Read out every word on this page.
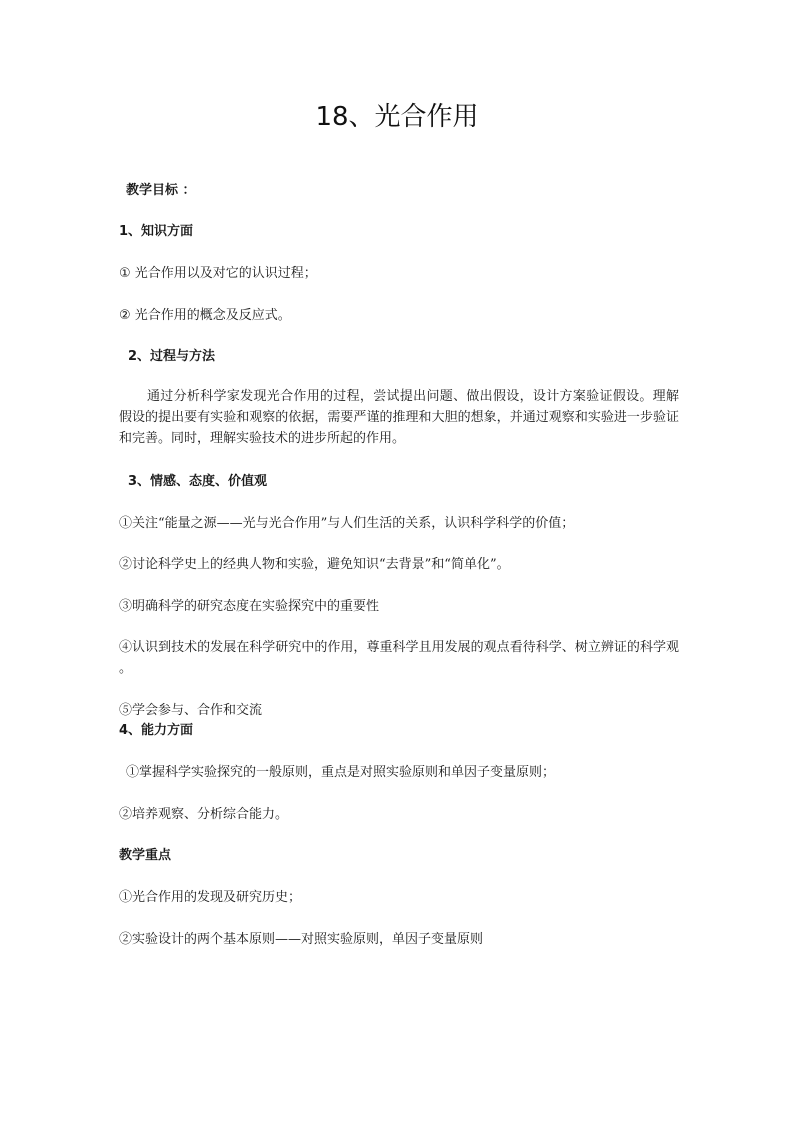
18、光合作用
教学目标 ：
1、知识方面
① 光合作用以及对它的认识过程；
② 光合作用的概念及反应式。
2、过程与方法
通过分析科学家发现光合作用的过程，尝试提出问题、做出假设，设计方案验证假设。理解假设的提出要有实验和观察的依据，需要严谨的推理和大胆的想象，并通过观察和实验进一步验证和完善。同时，理解实验技术的进步所起的作用。
3、情感、态度、价值观
①关注“能量之源——光与光合作用”与人们生活的关系，认识科学科学的价值；
②讨论科学史上的经典人物和实验，避免知识“去背景”和“简单化”。
③明确科学的研究态度在实验探究中的重要性
④认识到技术的发展在科学研究中的作用，尊重科学且用发展的观点看待科学、树立辨证的科学观 。
⑤学会参与、合作和交流
4、能力方面
①掌握科学实验探究的一般原则，重点是对照实验原则和单因子变量原则；
②培养观察、分析综合能力。
教学重点
①光合作用的发现及研究历史；
②实验设计的两个基本原则——对照实验原则，单因子变量原则
